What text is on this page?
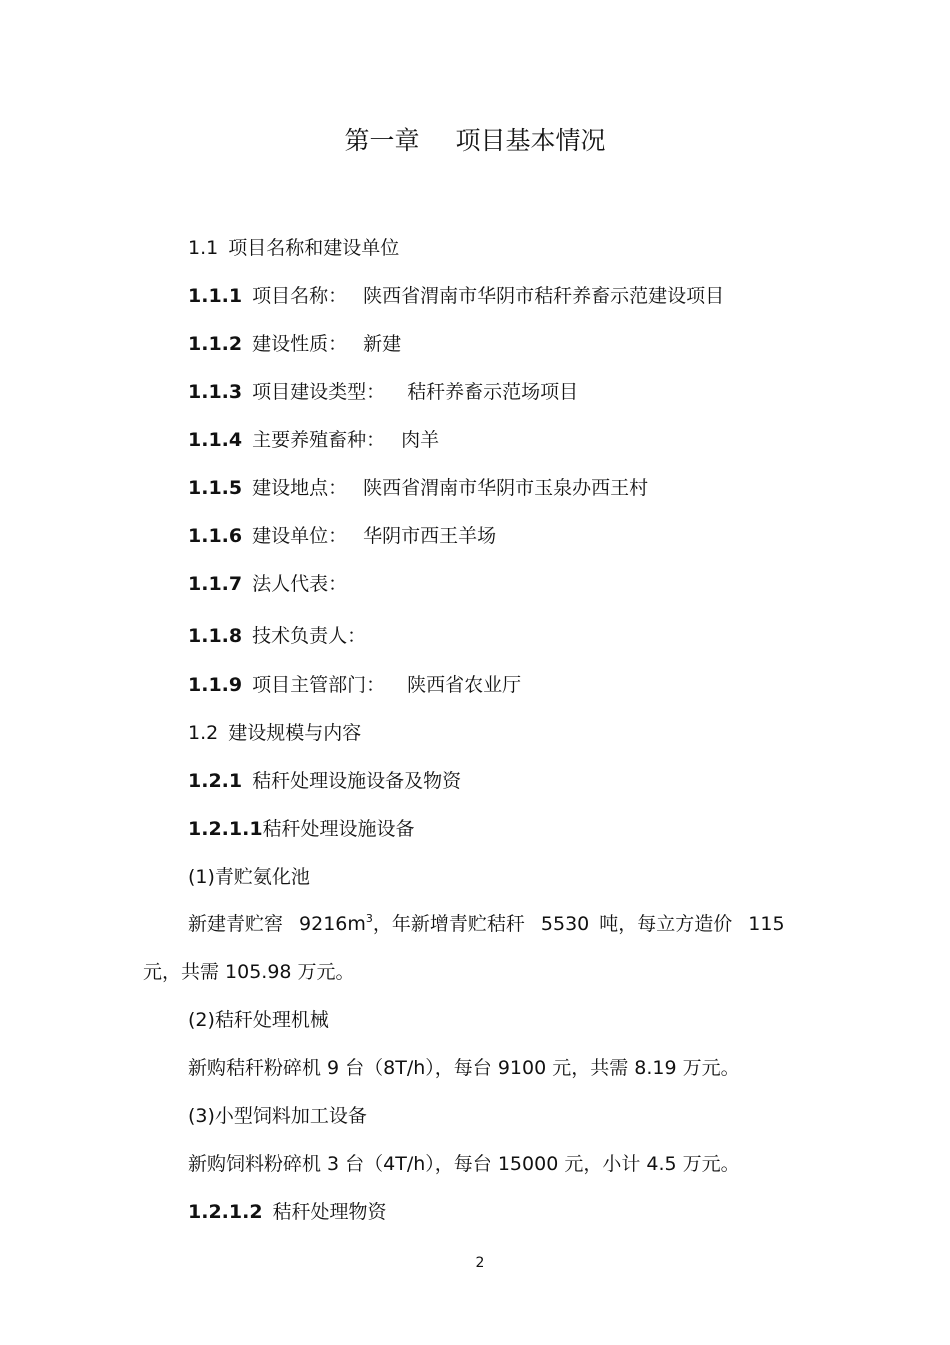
第一章 项目基本情况
1.1 项目名称和建设单位
1.1.1 项目名称： 陕西省渭南市华阴市秸秆养畜示范建设项目
1.1.2 建设性质： 新建
1.1.3 项目建设类型： 秸秆养畜示范场项目
1.1.4 主要养殖畜种： 肉羊
1.1.5 建设地点： 陕西省渭南市华阴市玉泉办西王村
1.1.6 建设单位： 华阴市西王羊场
1.1.7 法人代表：
1.1.8 技术负责人：
1.1.9 项目主管部门： 陕西省农业厅
1.2 建设规模与内容
1.2.1 秸秆处理设施设备及物资
1.2.1.1秸秆处理设施设备
(1)青贮氨化池
新建青贮窖 $9216m^3$，年新增青贮秸秆 5530 吨，每立方造价 115
元，共需 105.98 万元。
(2)秸秆处理机械
新购秸秆粉碎机 9 台（8T/h），每台 9100 元，共需 8.19 万元。
(3)小型饲料加工设备
新购饲料粉碎机 3 台（4T/h），每台 15000 元，小计 4.5 万元。
1.2.1.2 秸秆处理物资
2
